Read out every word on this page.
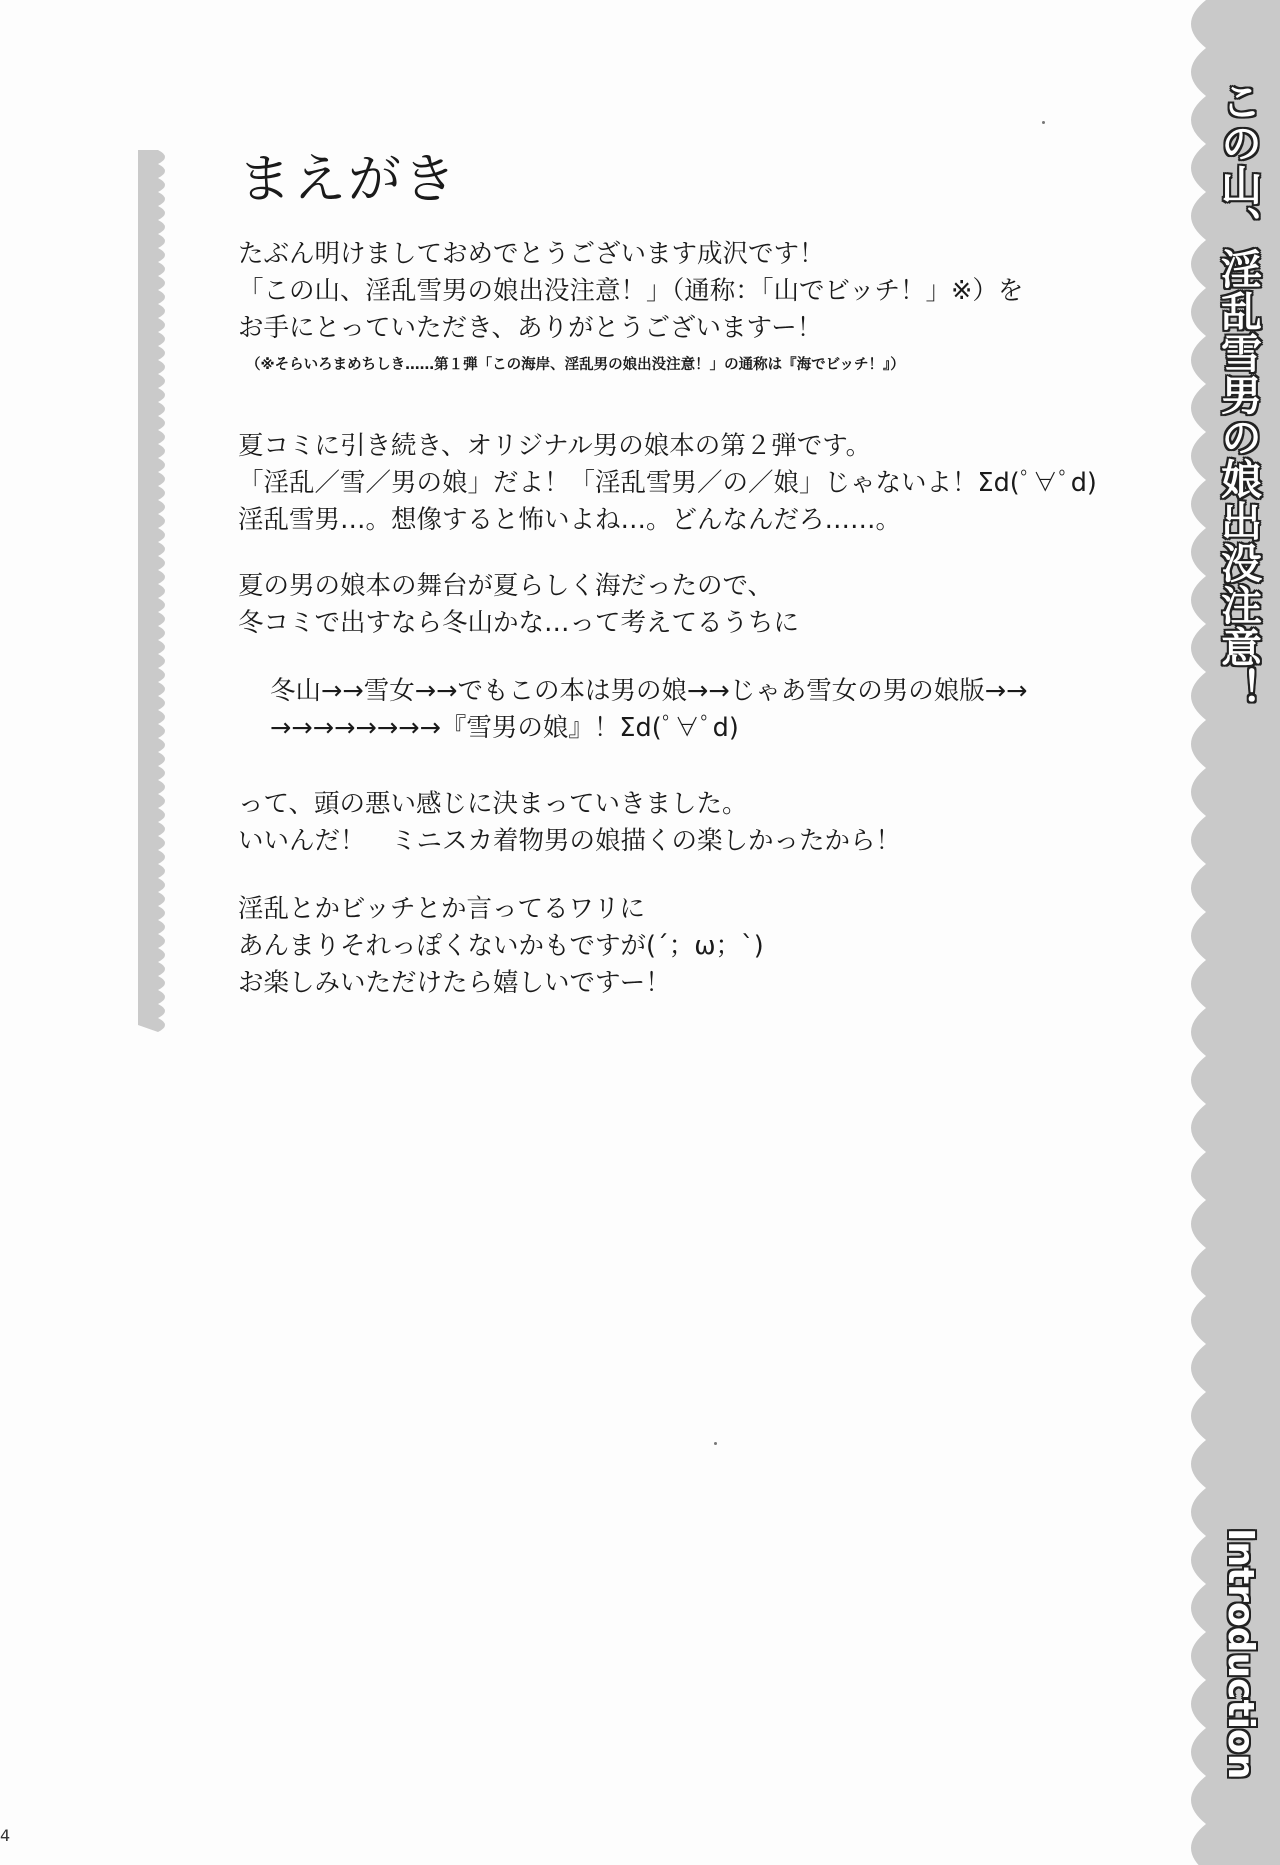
まえがき
たぶん明けましておめでとうございます成沢です！
「この山、淫乱雪男の娘出没注意！」（通称：「山でビッチ！」※）を
お手にとっていただき、ありがとうございますー！
（※そらいろまめちしき……第１弾「この海岸、淫乱男の娘出没注意！」の通称は『海でビッチ！』）
夏コミに引き続き、オリジナル男の娘本の第２弾です。
「淫乱／雪／男の娘」だよ！「淫乱雪男／の／娘」じゃないよ！Σd(ﾟ∀ﾟd)
淫乱雪男…。想像すると怖いよね…。どんなんだろ……。
夏の男の娘本の舞台が夏らしく海だったので、
冬コミで出すなら冬山かな…って考えてるうちに
冬山→→雪女→→でもこの本は男の娘→→じゃあ雪女の男の娘版→→
→→→→→→→→『雪男の娘』！Σd(ﾟ∀ﾟd)
って、頭の悪い感じに決まっていきました。
いいんだ！　ミニスカ着物男の娘描くの楽しかったから！
淫乱とかビッチとか言ってるワリに
あんまりそれっぽくないかもですが(´；ω；`)
お楽しみいただけたら嬉しいですー！
この山、淫乱雪男の娘出没注意！
Introduction
4
